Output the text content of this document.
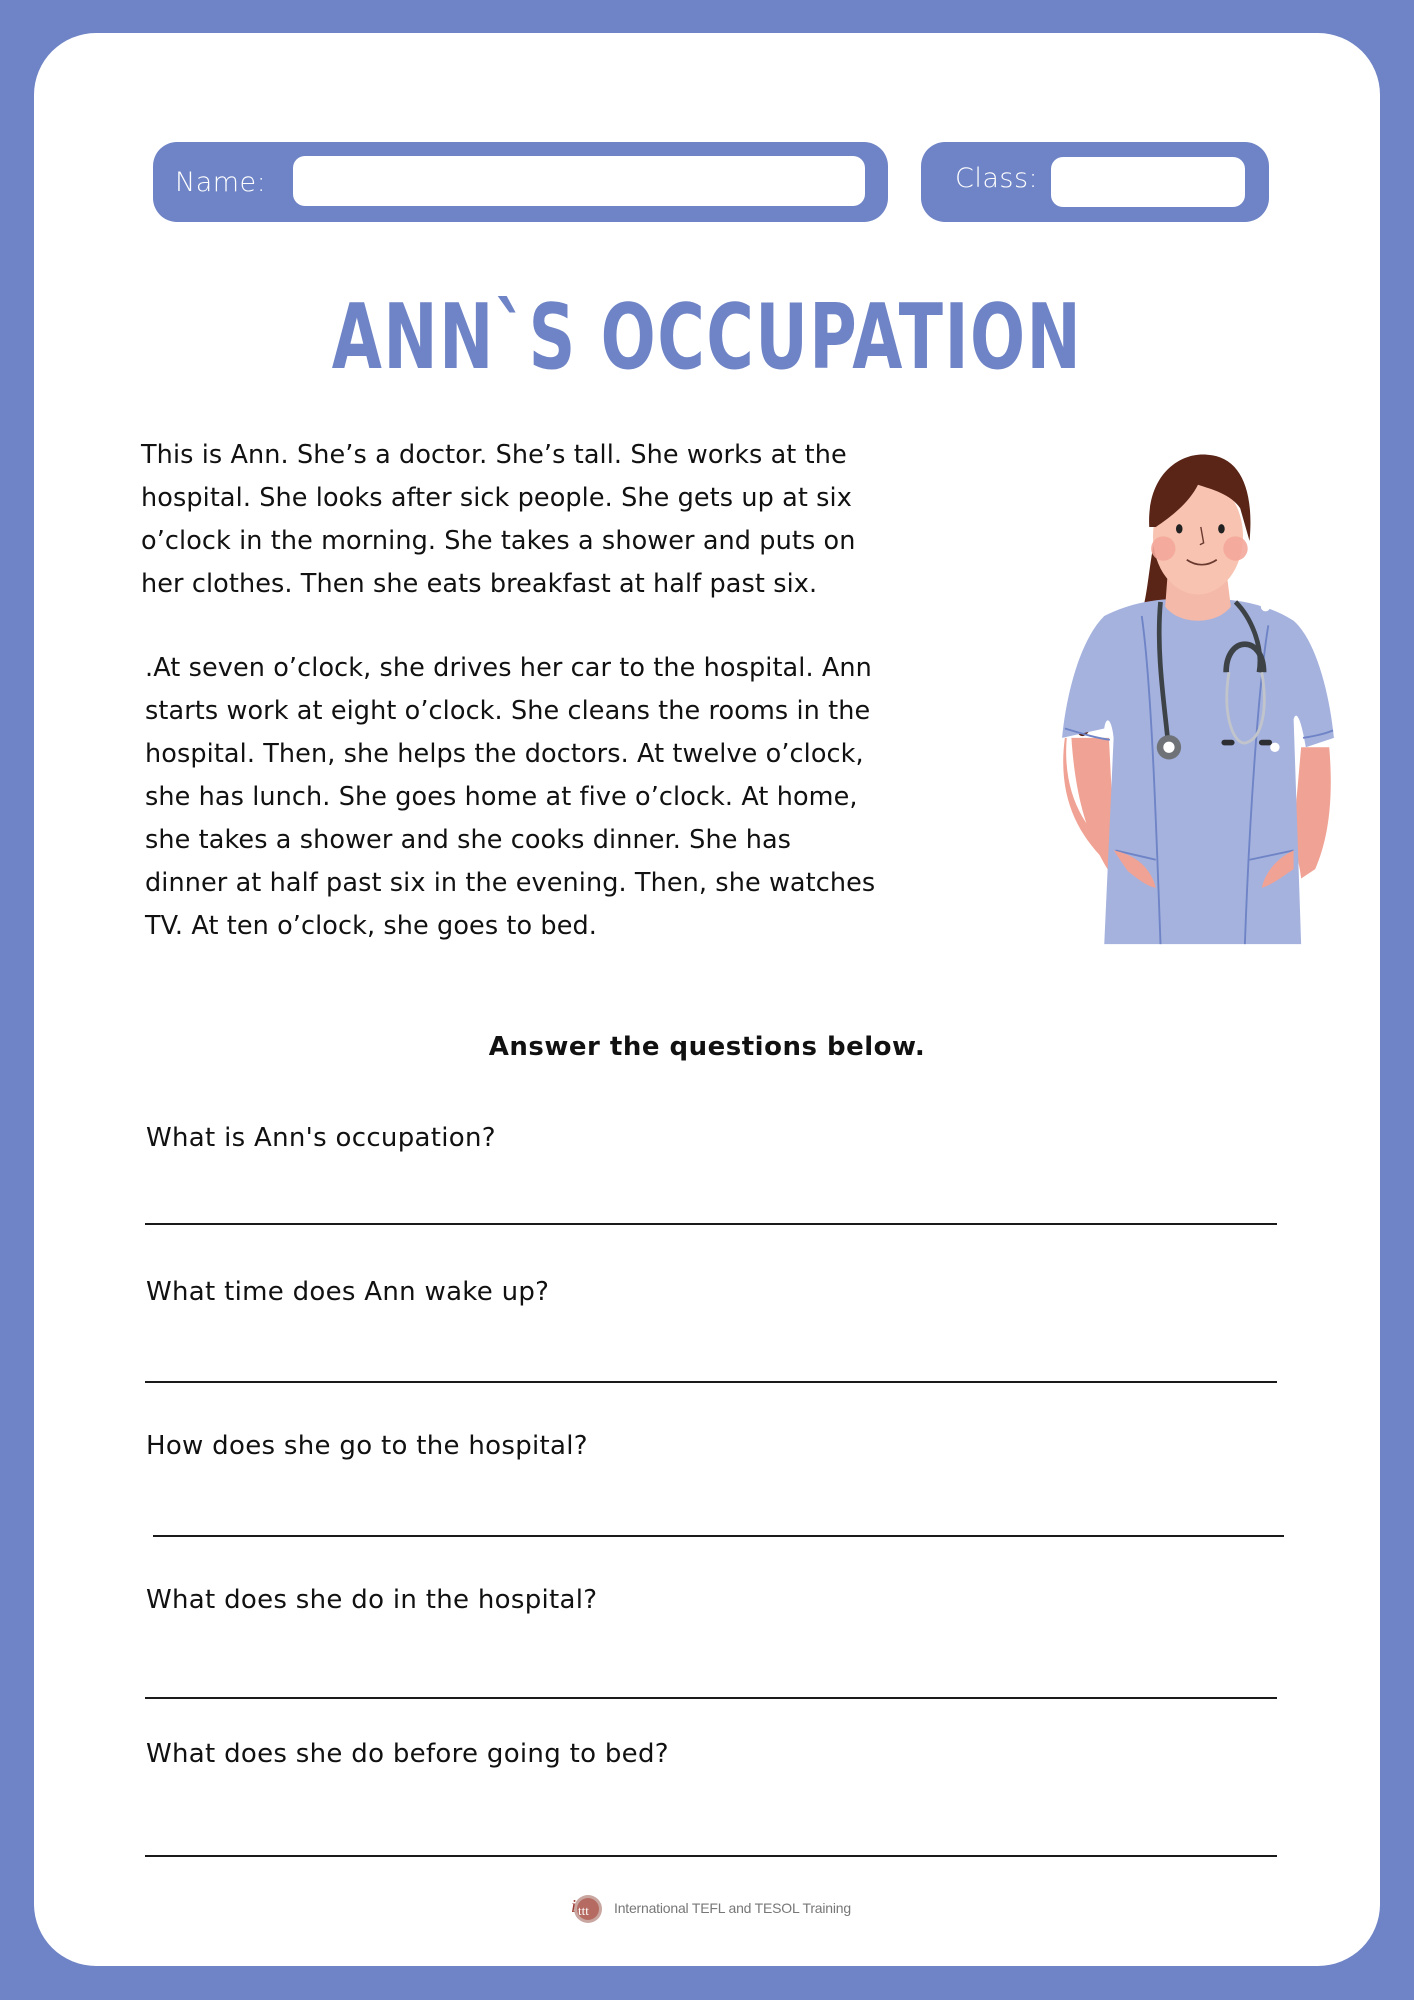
Name:	Class:
ANN`S OCCUPATION

This is Ann. She’s a doctor. She’s tall. She works at the
hospital. She looks after sick people. She gets up at six
o’clock in the morning. She takes a shower and puts on
her clothes. Then she eats breakfast at half past six.

.At seven o’clock, she drives her car to the hospital. Ann
starts work at eight o’clock. She cleans the rooms in the
hospital. Then, she helps the doctors. At twelve o’clock,
she has lunch. She goes home at five o’clock. At home,
she takes a shower and she cooks dinner. She has
dinner at half past six in the evening. Then, she watches
TV. At ten o’clock, she goes to bed.

Answer the questions below.
What is Ann's occupation?
What time does Ann wake up?
How does she go to the hospital?
What does she do in the hospital?
What does she do before going to bed?
i ttt International TEFL and TESOL Training
